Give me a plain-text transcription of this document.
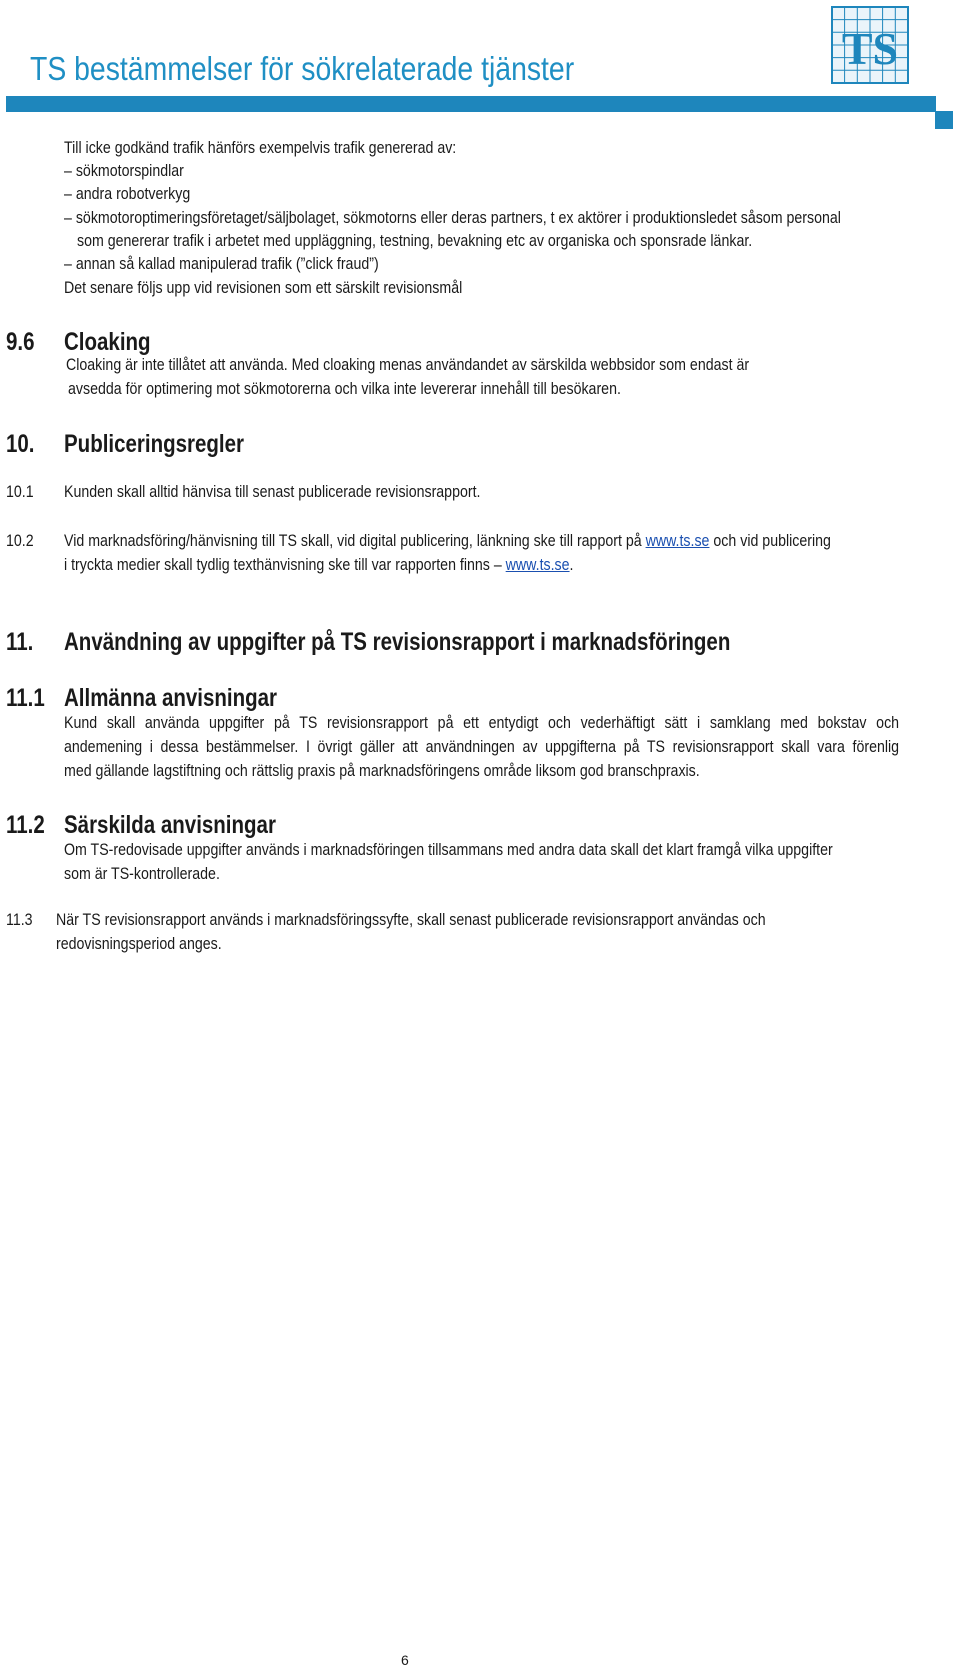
TS bestämmelser för sökrelaterade tjänster	TS
Till icke godkänd trafik hänförs exempelvis trafik genererad av:
– sökmotorspindlar
– andra robotverkyg
– sökmotoroptimeringsföretaget/säljbolaget, sökmotorns eller deras partners, t ex aktörer i produktionsledet såsom personal
som genererar trafik i arbetet med uppläggning, testning, bevakning etc av organiska och sponsrade länkar.
– annan så kallad manipulerad trafik (”click fraud”)
Det senare följs upp vid revisionen som ett särskilt revisionsmål
9.6 Cloaking
Cloaking är inte tillåtet att använda. Med cloaking menas användandet av särskilda webbsidor som endast är
avsedda för optimering mot sökmotorerna och vilka inte levererar innehåll till besökaren.
10. Publiceringsregler
10.1 Kunden skall alltid hänvisa till senast publicerade revisionsrapport.
10.2 Vid marknadsföring/hänvisning till TS skall, vid digital publicering, länkning ske till rapport på www.ts.se och vid publicering
i tryckta medier skall tydlig texthänvisning ske till var rapporten finns – www.ts.se.
11. Användning av uppgifter på TS revisionsrapport i marknadsföringen
11.1 Allmänna anvisningar
Kund skall använda uppgifter på TS revisionsrapport på ett entydigt och vederhäftigt sätt i samklang med bokstav och
andemening i dessa bestämmelser. I övrigt gäller att användningen av uppgifterna på TS revisionsrapport skall vara förenlig
med gällande lagstiftning och rättslig praxis på marknadsföringens område liksom god branschpraxis.
11.2 Särskilda anvisningar
Om TS-redovisade uppgifter används i marknadsföringen tillsammans med andra data skall det klart framgå vilka uppgifter
som är TS-kontrollerade.
11.3 När TS revisionsrapport används i marknadsföringssyfte, skall senast publicerade revisionsrapport användas och
redovisningsperiod anges.
6
